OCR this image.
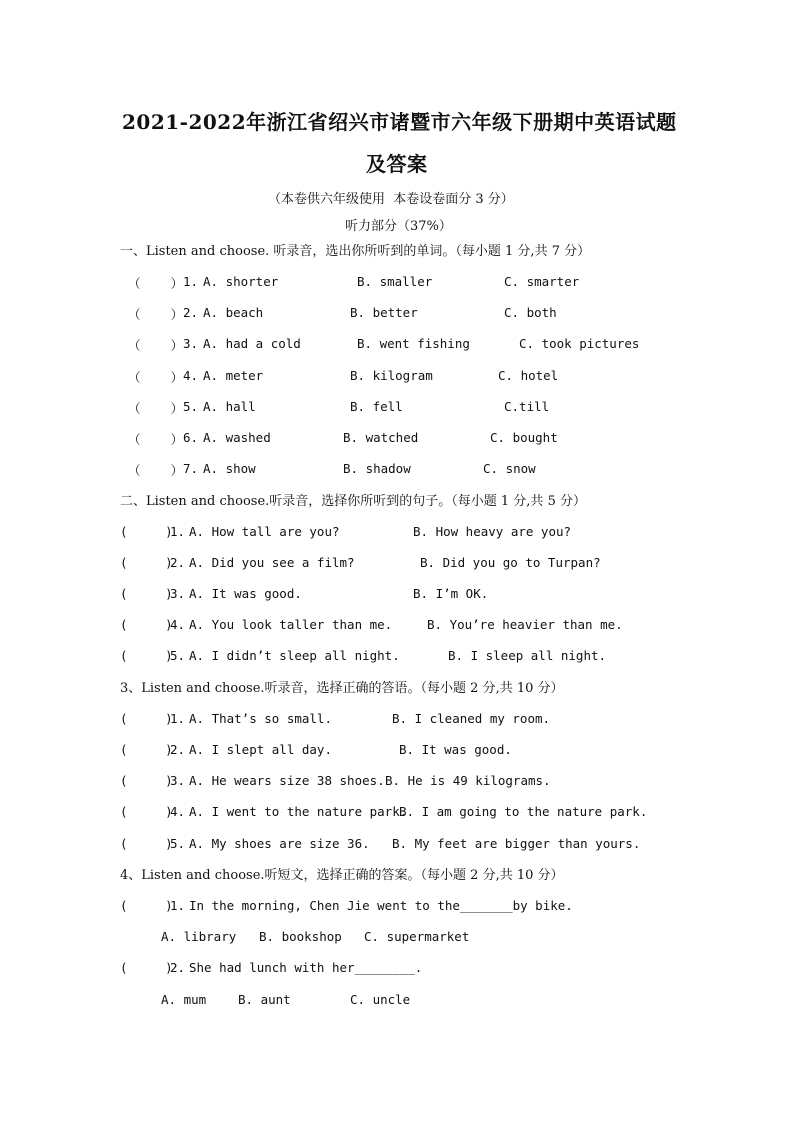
2021-2022年浙江省绍兴市诸暨市六年级下册期中英语试题
及答案
（本卷供六年级使用  本卷设卷面分 3 分）
听力部分（37%）
一、Listen and choose. 听录音，选出你所听到的单词。（每小题 1 分,共 7 分）
（    ） 1. A. shorter	B. smaller	C. smarter
（    ） 2. A. beach	B. better	C. both
（    ） 3. A. had a cold	B. went fishing	C. took pictures
（    ） 4. A. meter	B. kilogram	C. hotel
（    ） 5. A. hall	B. fell	C.till
（    ） 6. A. washed	B. watched	C. bought
（    ） 7. A. show	B. shadow	C. snow
二、Listen and choose.听录音，选择你所听到的句子。（每小题 1 分,共 5 分）
(     )
1. A. How tall are you?	B. How heavy are you?
(     )
2. A. Did you see a film?	B. Did you go to Turpan?
(     )
3. A. It was good.	B. I’m OK.
(     )
4. A. You look taller than me.	B. You’re heavier than me.
(     )
5. A. I didn’t sleep all night.	B. I sleep all night.
3、Listen and choose.听录音，选择正确的答语。（每小题 2 分,共 10 分）
(     )
1. A. That’s so small.	B. I cleaned my room.
(     )
2. A. I slept all day.	B. It was good.
(     )
3. A. He wears size 38 shoes. B. He is 49 kilograms.
(     )
4. A. I went to the nature park.
B. I am going to the nature park.
(     )
5. A. My shoes are size 36. B. My feet are bigger than yours.
4、Listen and choose.听短文，选择正确的答案。（每小题 2 分,共 10 分）
(     )
1. In the morning, Chen Jie went to the_______by bike.
A. library B. bookshop C. supermarket
(     )
2. She had lunch with her________.
A. mum	B. aunt	C. uncle
